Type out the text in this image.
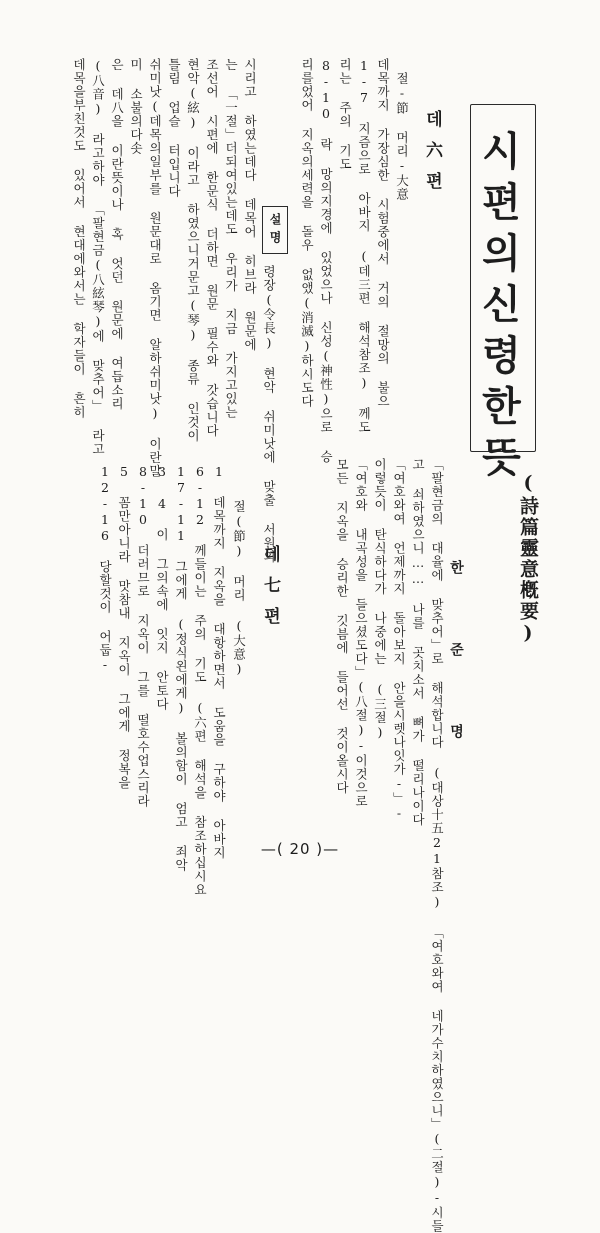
시편의신령한뜻
(詩篇靈意槪要)
한 준 명
「팔현금의 대율에 맞추어」로 해석합니다 (대상十五21참조) 「여호와여 네가수치하였으니」(二절)-시들
고 쇠하였으니…… 나를 곳치소서 뼈가 떨리나이다
「여호와여 언제까지 돌아보지 안을시렛나잇가-」-
이렇듯이 탄식하다가 나중에는 (三절)
「여호와 내곡성을 들으셨도다」(八절)-이것으로
모든 지옥을 승리한 깃븜에 들어선 것이올시다
데六편
절-節 머리-大意
데목까지 가장심한 시험중에서 거의 절망의 불으
1-7 지즘으로 아바지 (데三편 해석참조) 께도
리는 주의 기도
8-10 락 망의지경에 있었으나 신성(神性)으로 승
리를었어 지옥의세력을 돌우 없앴(消滅)하시도다
설명
령장(令長) 현악 쉬미낫에 맞출 서원의
시리고 하였는데다 데목어 히브라 원문에
는 「一절」더되여있는데도 우리가 지금 가지고있는
조선어 시편에 한문식 더하면 원문 필수와 갓습니다
현악(絃) 이라고 하였으니거문고(琴) 종류 인것이
틀림 업슬 터입니다
쉬미낫(데목의일부를 원문대로 옴기면 알하쉬미낫) 이란말
미 소불의다솟
은 데八을 이란뜻이나 혹 엇던 원문에 여듭소리
(八音) 라고하야 「팔현금(八絃琴)에 맞추어」 라고
데목을부친것도 있어서 현대에와서는 학자들이 흔히
데七편
절(節) 머리 (大意)
1 데목까지 지옥을 대항하면서 도움을 구하야 아바지
6-12 께들이는 주의 기도 (六편 해석을 참조하십시요
17-11 그에게 (정식왼에게) 볼의함이 엄고 죄악
3 4 이 그의속에 잇지 안토다
8-10 더러므로 지옥이 그를 떨호수업스리라
5 꼼만아니라 맛참내 지옥이 그에게 정복을
12-16 당할것이 어둡-
—( 20 )—
